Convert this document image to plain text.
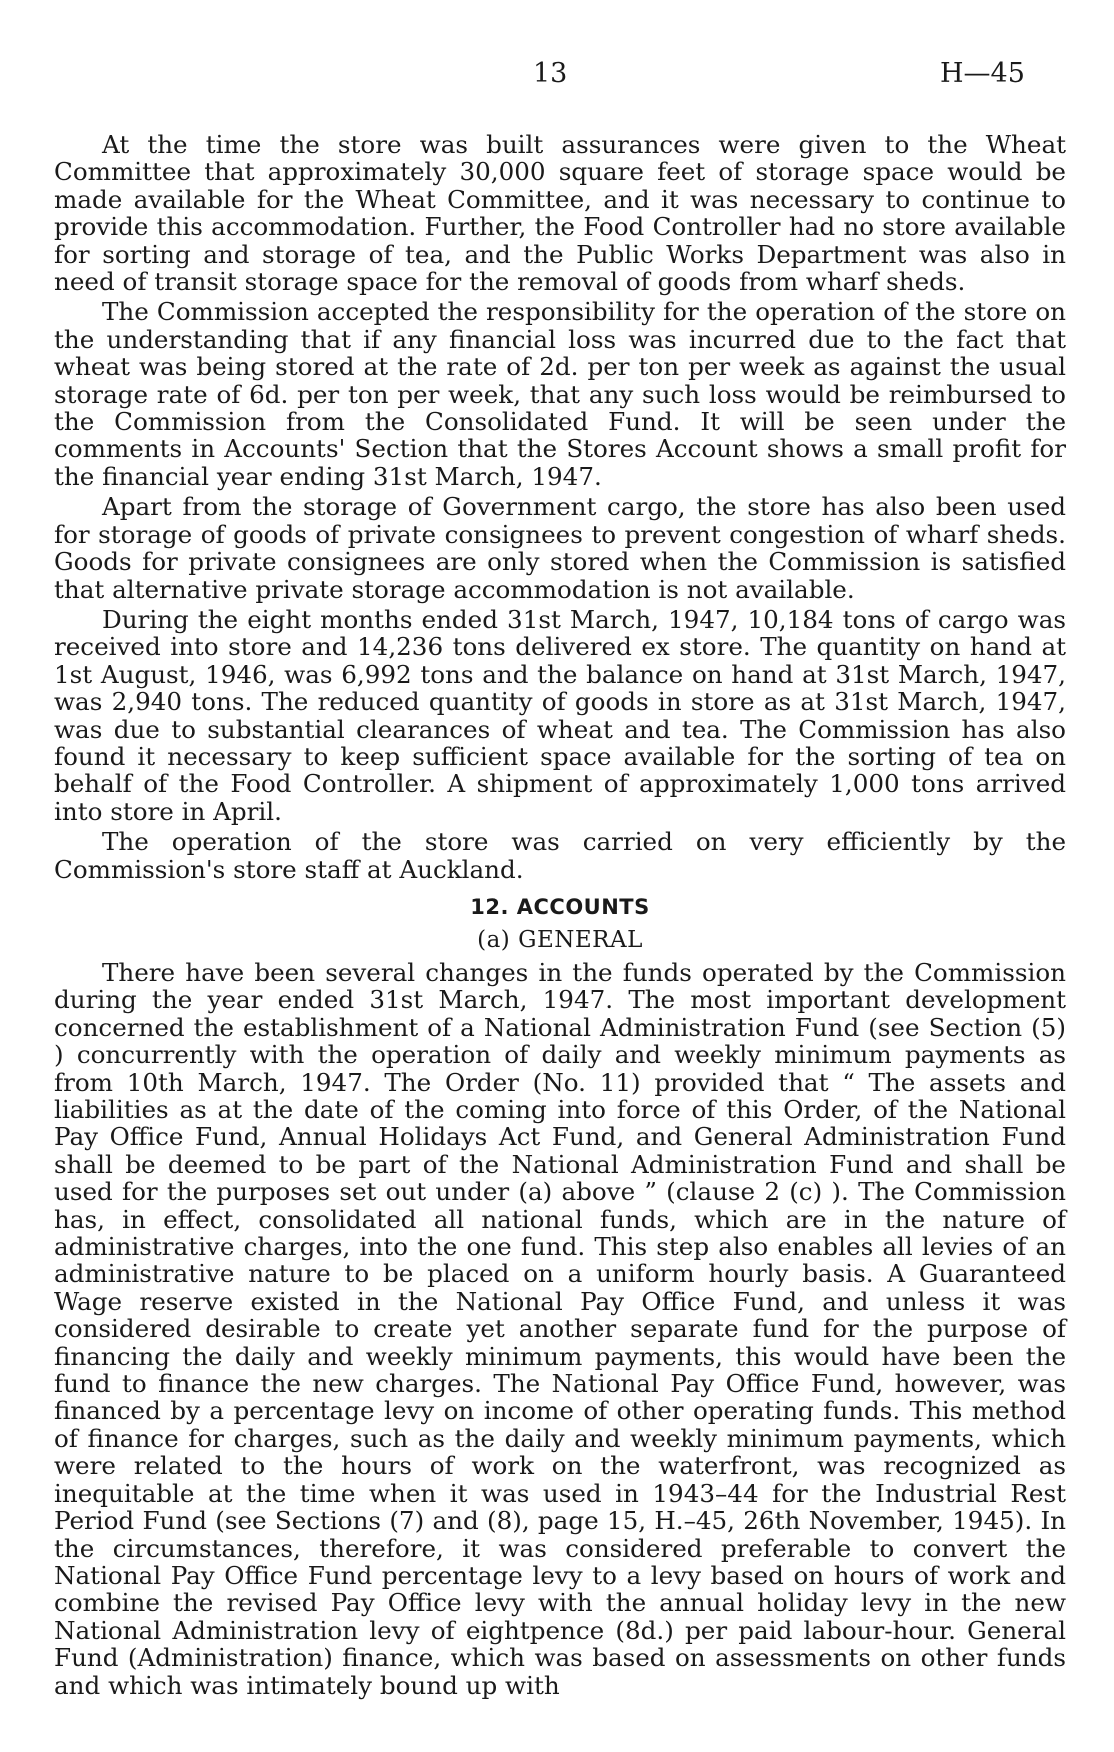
13	H—45

At the time the store was built assurances were given to the Wheat Committee that approximately 30,000 square feet of storage space would be made available for the Wheat Committee, and it was necessary to continue to provide this accommodation. Further, the Food Controller had no store available for sorting and storage of tea, and the Public Works Department was also in need of transit storage space for the removal of goods from wharf sheds.

The Commission accepted the responsibility for the operation of the store on the understanding that if any financial loss was incurred due to the fact that wheat was being stored at the rate of 2d. per ton per week as against the usual storage rate of 6d. per ton per week, that any such loss would be reimbursed to the Commission from the Consolidated Fund. It will be seen under the comments in Accounts' Section that the Stores Account shows a small profit for the financial year ending 31st March, 1947.

Apart from the storage of Government cargo, the store has also been used for storage of goods of private consignees to prevent congestion of wharf sheds. Goods for private consignees are only stored when the Commission is satisfied that alternative private storage accommodation is not available.

During the eight months ended 31st March, 1947, 10,184 tons of cargo was received into store and 14,236 tons delivered ex store. The quantity on hand at 1st August, 1946, was 6,992 tons and the balance on hand at 31st March, 1947, was 2,940 tons. The reduced quantity of goods in store as at 31st March, 1947, was due to substantial clearances of wheat and tea. The Commission has also found it necessary to keep sufficient space available for the sorting of tea on behalf of the Food Controller. A shipment of approximately 1,000 tons arrived into store in April.

The operation of the store was carried on very efficiently by the Commission's store staff at Auckland.

12. ACCOUNTS
(a) GENERAL

There have been several changes in the funds operated by the Commission during the year ended 31st March, 1947. The most important development concerned the establishment of a National Administration Fund (see Section (5) ) concurrently with the operation of daily and weekly minimum payments as from 10th March, 1947. The Order (No. 11) provided that “ The assets and liabilities as at the date of the coming into force of this Order, of the National Pay Office Fund, Annual Holidays Act Fund, and General Administration Fund shall be deemed to be part of the National Administration Fund and shall be used for the purposes set out under (a) above ” (clause 2 (c) ). The Commission has, in effect, consolidated all national funds, which are in the nature of administrative charges, into the one fund. This step also enables all levies of an administrative nature to be placed on a uniform hourly basis. A Guaranteed Wage reserve existed in the National Pay Office Fund, and unless it was considered desirable to create yet another separate fund for the purpose of financing the daily and weekly minimum payments, this would have been the fund to finance the new charges. The National Pay Office Fund, however, was financed by a percentage levy on income of other operating funds. This method of finance for charges, such as the daily and weekly minimum payments, which were related to the hours of work on the waterfront, was recognized as inequitable at the time when it was used in 1943–44 for the Industrial Rest Period Fund (see Sections (7) and (8), page 15, H.–45, 26th November, 1945). In the circumstances, therefore, it was considered preferable to convert the National Pay Office Fund percentage levy to a levy based on hours of work and combine the revised Pay Office levy with the annual holiday levy in the new National Administration levy of eightpence (8d.) per paid labour-hour. General Fund (Administration) finance, which was based on assessments on other funds and which was intimately bound up with
